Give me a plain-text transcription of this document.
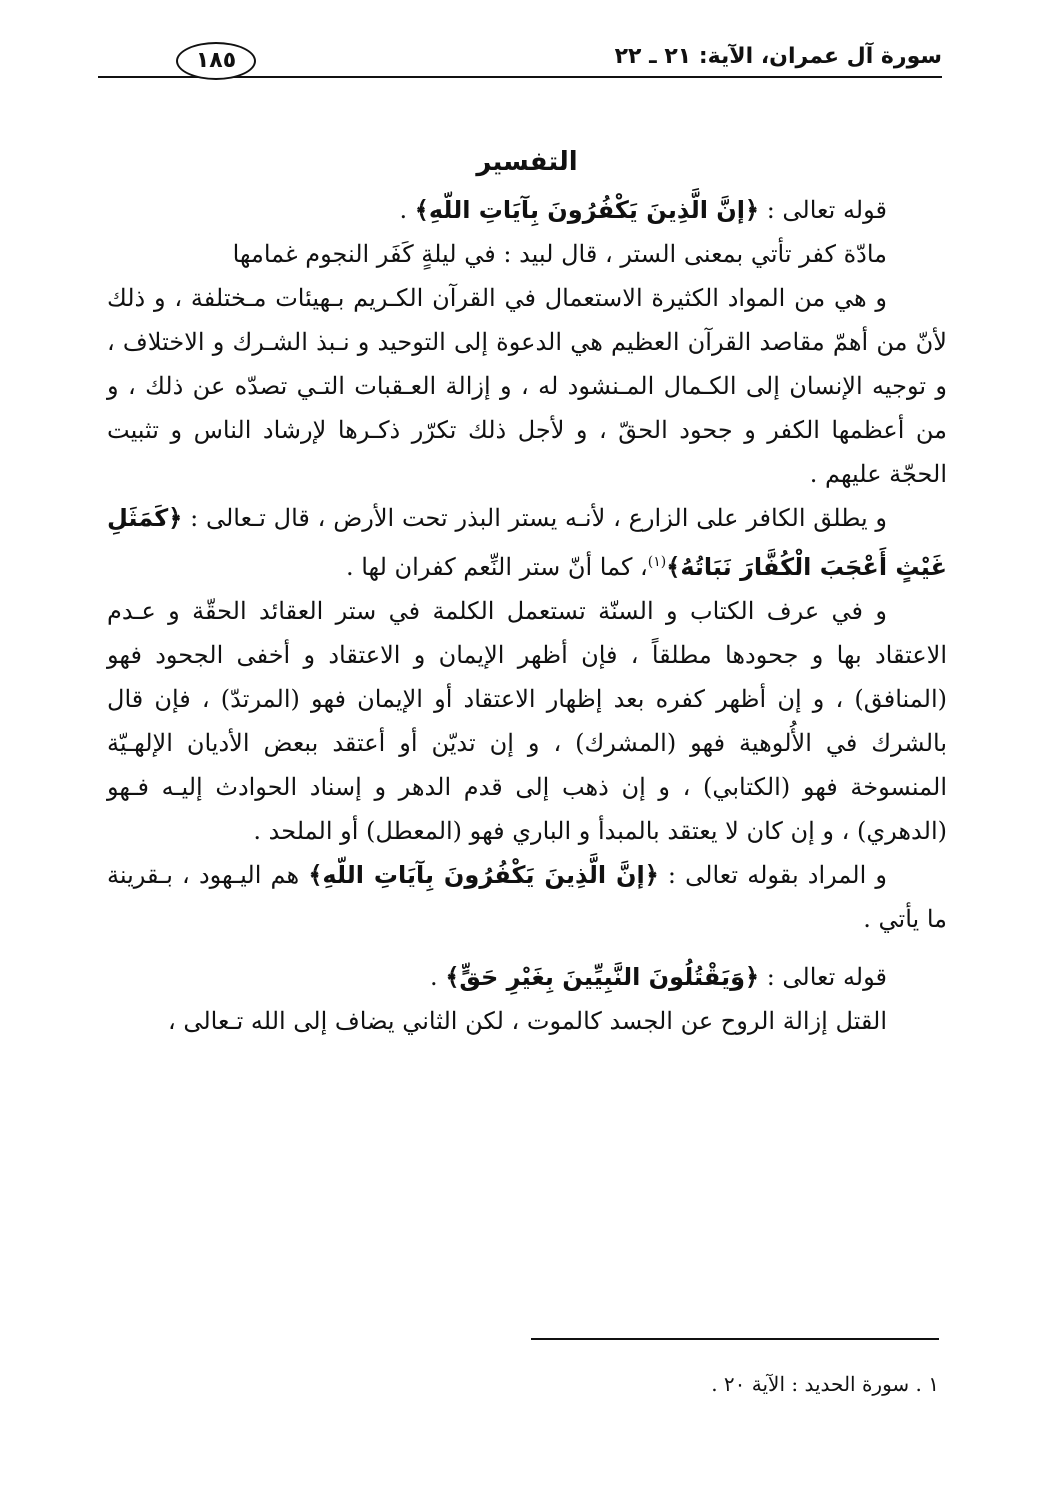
سورة آل عمران، الآية: ٢١ ـ ٢٢
١٨٥

التفسير

قوله تعالى : ﴿إنَّ الَّذِينَ يَكْفُرُونَ بِآيَاتِ اللّهِ﴾ .

مادّة كفر تأتي بمعنى الستر ، قال لبيد : في ليلةٍ كَفَر النجوم غمامها

و هي من المواد الكثيرة الاستعمال في القرآن الكـريم بـهيئات مـختلفة ، و ذلك لأنّ من أهمّ مقاصد القرآن العظيم هي الدعوة إلى التوحيد و نـبذ الشـرك و الاختلاف ، و توجيه الإنسان إلى الكـمال المـنشود له ، و إزالة العـقبات التـي تصدّه عن ذلك ، و من أعظمها الكفر و جحود الحقّ ، و لأجل ذلك تكرّر ذكـرها لإرشاد الناس و تثبيت الحجّة عليهم .

و يطلق الكافر على الزارع ، لأنـه يستر البذر تحت الأرض ، قال تـعالى : ﴿كَمَثَلِ غَيْثٍ أَعْجَبَ الْكُفَّارَ نَبَاتُهُ﴾$^{(١)}$، كما أنّ ستر النِّعم كفران لها .

و في عرف الكتاب و السنّة تستعمل الكلمة في ستر العقائد الحقّة و عـدم الاعتقاد بها و جحودها مطلقاً ، فإن أظهر الإيمان و الاعتقاد و أخفى الجحود فهو (المنافق) ، و إن أظهر كفره بعد إظهار الاعتقاد أو الإيمان فهو (المرتدّ) ، فإن قال بالشرك في الأُلوهية فهو (المشرك) ، و إن تديّن أو أعتقد ببعض الأديان الإلهـيّة المنسوخة فهو (الكتابي) ، و إن ذهب إلى قدم الدهر و إسناد الحوادث إليـه فـهو (الدهري) ، و إن كان لا يعتقد بالمبدأ و الباري فهو (المعطل) أو الملحد .

و المراد بقوله تعالى : ﴿إنَّ الَّذِينَ يَكْفُرُونَ بِآيَاتِ اللّهِ﴾ هم اليـهود ، بـقرينة ما يأتي .

قوله تعالى : ﴿وَيَقْتُلُونَ النَّبِيِّينَ بِغَيْرِ حَقٍّ﴾ .

القتل إزالة الروح عن الجسد كالموت ، لكن الثاني يضاف إلى الله تـعالى ،

١ . سورة الحديد : الآية ٢٠ .
